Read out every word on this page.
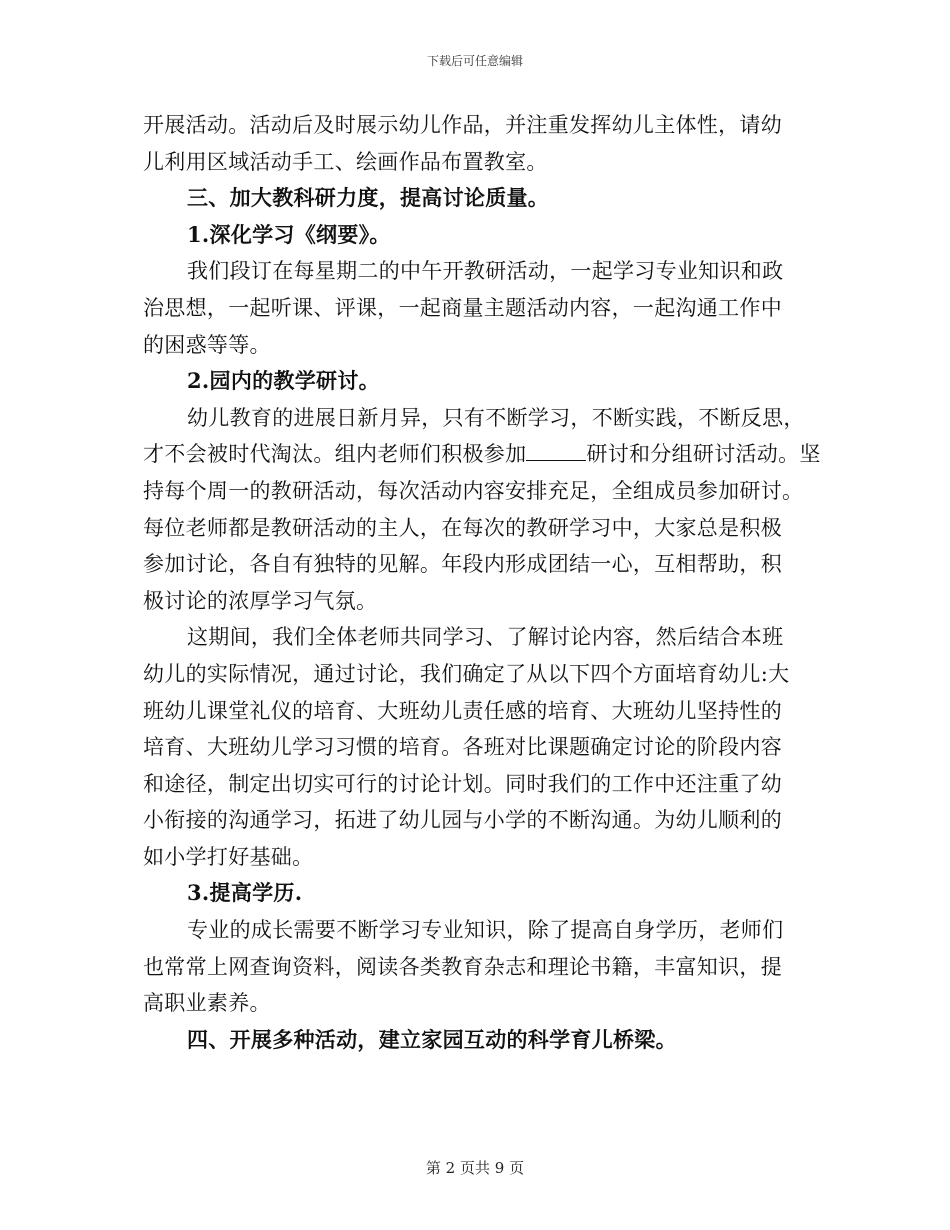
下载后可任意编辑
开展活动。活动后及时展示幼儿作品，并注重发挥幼儿主体性，请幼
儿利用区域活动手工、绘画作品布置教室。
三、加大教科研力度，提高讨论质量。
1.深化学习《纲要》。
我们段订在每星期二的中午开教研活动，一起学习专业知识和政
治思想，一起听课、评课，一起商量主题活动内容，一起沟通工作中
的困惑等等。
2.园内的教学研讨。
幼儿教育的进展日新月异，只有不断学习，不断实践，不断反思，
才不会被时代淘汰。组内老师们积极参加	研讨和分组研讨活动。坚
持每个周一的教研活动，每次活动内容安排充足，全组成员参加研讨。
每位老师都是教研活动的主人，在每次的教研学习中，大家总是积极
参加讨论，各自有独特的见解。年段内形成团结一心，互相帮助，积
极讨论的浓厚学习气氛。
这期间，我们全体老师共同学习、了解讨论内容，然后结合本班
幼儿的实际情况，通过讨论，我们确定了从以下四个方面培育幼儿:大
班幼儿课堂礼仪的培育、大班幼儿责任感的培育、大班幼儿坚持性的
培育、大班幼儿学习习惯的培育。各班对比课题确定讨论的阶段内容
和途径，制定出切实可行的讨论计划。同时我们的工作中还注重了幼
小衔接的沟通学习，拓进了幼儿园与小学的不断沟通。为幼儿顺利的
如小学打好基础。
3.提高学历.
专业的成长需要不断学习专业知识，除了提高自身学历，老师们
也常常上网查询资料，阅读各类教育杂志和理论书籍，丰富知识，提
高职业素养。
四、开展多种活动，建立家园互动的科学育儿桥梁。
第 2 页共 9 页
